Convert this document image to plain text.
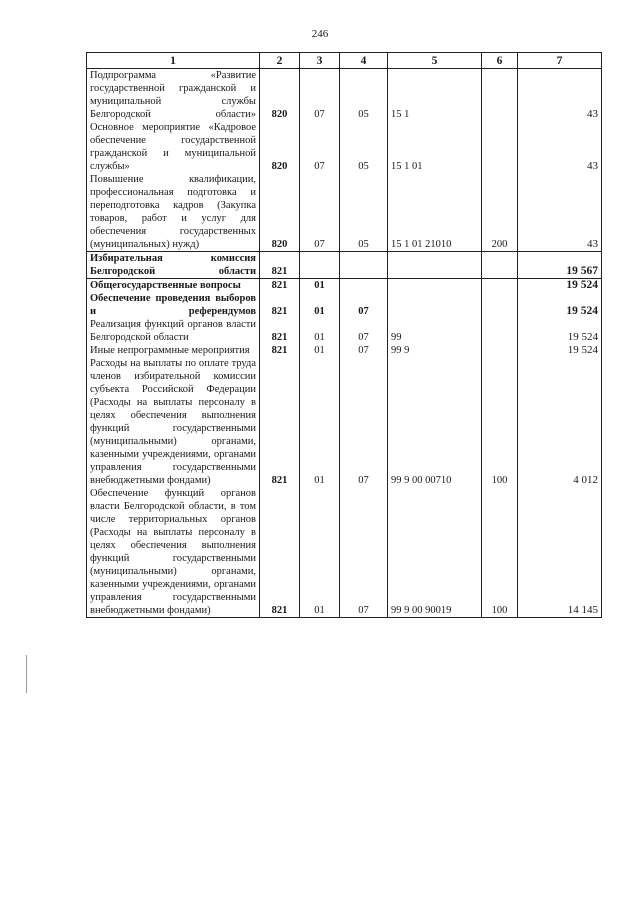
246
1	2	3	4	5	6	7
Подпрограмма «Развитие государственной гражданской и муниципальной службы Белгородской области»	820	07	05	15 1		43
Основное мероприятие «Кадровое обеспечение государственной гражданской и муниципальной службы»	820	07	05	15 1 01		43
Повышение квалификации, профессиональная подготовка и переподготовка кадров (Закупка товаров, работ и услуг для обеспечения государственных (муниципальных) нужд)	820	07	05	15 1 01 21010	200	43
Избирательная комиссия Белгородской области	821					19 567
Общегосударственные вопросы	821	01				19 524
Обеспечение проведения выборов и референдумов	821	01	07			19 524
Реализация функций органов власти Белгородской области	821	01	07	99		19 524
Иные непрограммные мероприятия	821	01	07	99 9		19 524
Расходы на выплаты по оплате труда членов избирательной комиссии субъекта Российской Федерации (Расходы на выплаты персоналу в целях обеспечения выполнения функций государственными (муниципальными) органами, казенными учреждениями, органами управления государственными внебюджетными фондами)	821	01	07	99 9 00 00710	100	4 012
Обеспечение функций органов власти Белгородской области, в том числе территориальных органов (Расходы на выплаты персоналу в целях обеспечения выполнения функций государственными (муниципальными) органами, казенными учреждениями, органами управления государственными внебюджетными фондами)	821	01	07	99 9 00 90019	100	14 145
